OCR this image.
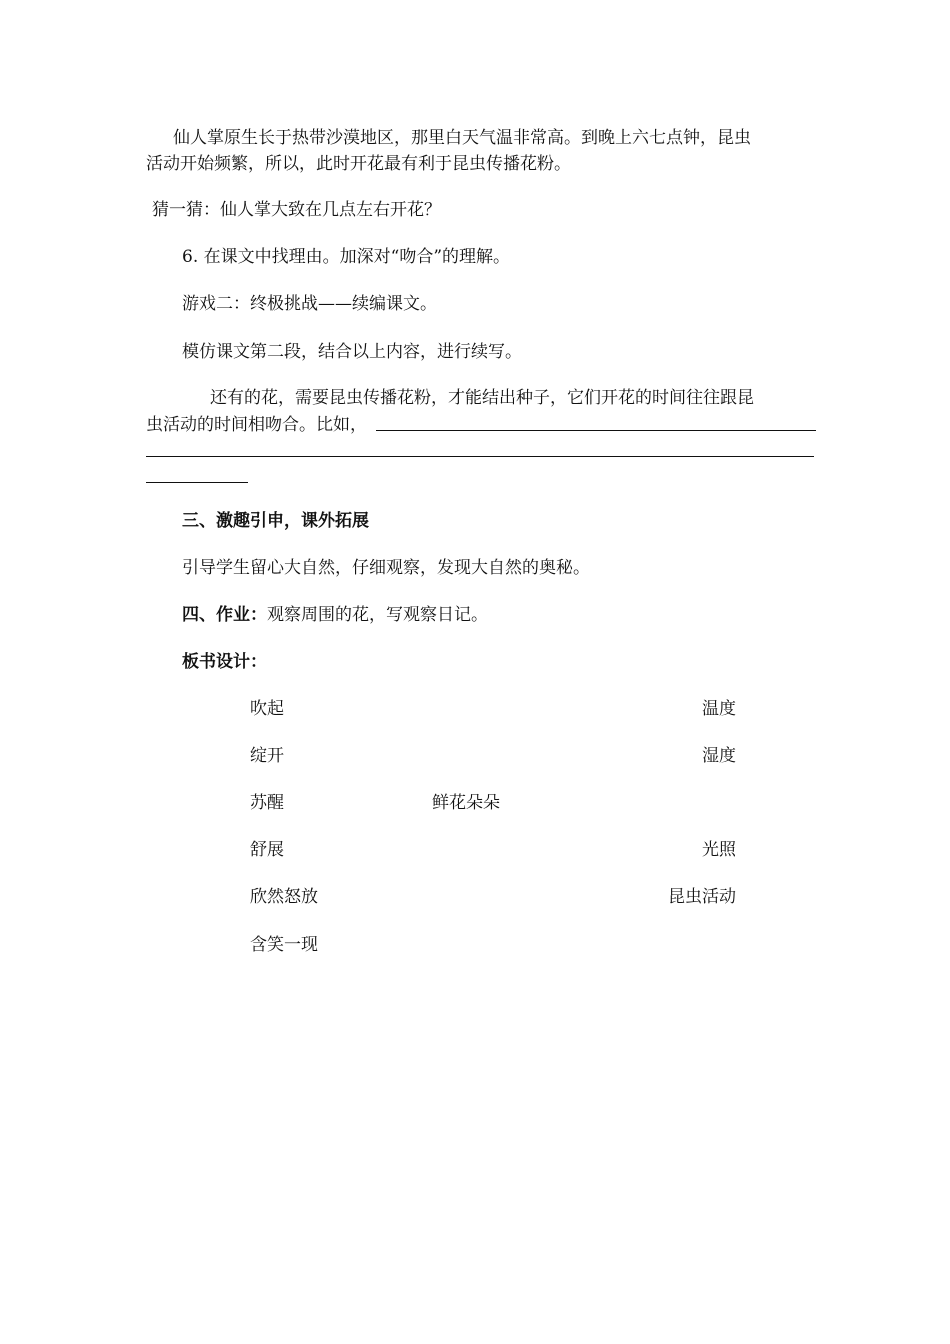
仙人掌原生长于热带沙漠地区，那里白天气温非常高。到晚上六七点钟，昆虫
活动开始频繁，所以，此时开花最有利于昆虫传播花粉。
猜一猜：仙人掌大致在几点左右开花？
6. 在课文中找理由。加深对“吻合”的理解。
游戏二：终极挑战——续编课文。
模仿课文第二段，结合以上内容，进行续写。
还有的花，需要昆虫传播花粉，才能结出种子，它们开花的时间往往跟昆
虫活动的时间相吻合。比如，
三、激趣引申，课外拓展
引导学生留心大自然，仔细观察，发现大自然的奥秘。
四、作业：观察周围的花，写观察日记。
板书设计：
吹起
绽开
苏醒
舒展
欣然怒放
含笑一现
鲜花朵朵
温度
湿度
光照
昆虫活动
